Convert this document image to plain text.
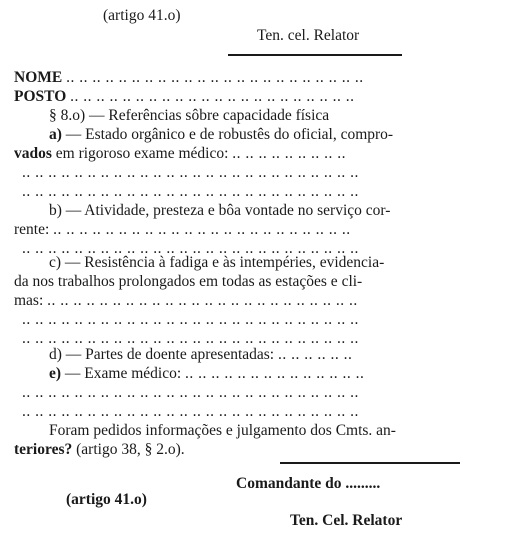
(artigo 41.o)
Ten. cel. Relator
NOME .. .. .. .. .. .. .. .. .. .. .. .. .. .. .. .. .. .. .. .. .. .. ..
POSTO .. .. .. .. .. .. .. .. .. .. .. .. .. .. .. .. .. .. .. .. .. ..
§ 8.o) — Referências sôbre capacidade física
a) — Estado orgânico e de robustês do oficial, compro-
vados em rigoroso exame médico: .. .. .. .. .. .. .. .. ..
.. .. .. .. .. .. .. .. .. .. .. .. .. .. .. .. .. .. .. .. .. .. .. .. .. ..
.. .. .. .. .. .. .. .. .. .. .. .. .. .. .. .. .. .. .. .. .. .. .. .. .. ..
b) — Atividade, presteza e bôa vontade no serviço cor-
rente: .. .. .. .. .. .. .. .. .. .. .. .. .. .. .. .. .. .. .. .. .. .. ..
.. .. .. .. .. .. .. .. .. .. .. .. .. .. .. .. .. .. .. .. .. .. .. .. .. ..
c) — Resistência à fadiga e às intempéries, evidencia-
da nos trabalhos prolongados em todas as estações e cli-
mas: .. .. .. .. .. .. .. .. .. .. .. .. .. .. .. .. .. .. .. .. .. .. .. ..
.. .. .. .. .. .. .. .. .. .. .. .. .. .. .. .. .. .. .. .. .. .. .. .. .. ..
.. .. .. .. .. .. .. .. .. .. .. .. .. .. .. .. .. .. .. .. .. .. .. .. .. ..
d) — Partes de doente apresentadas: .. .. .. .. .. ..
e) — Exame médico: .. .. .. .. .. .. .. .. .. .. .. .. .. ..
.. .. .. .. .. .. .. .. .. .. .. .. .. .. .. .. .. .. .. .. .. .. .. .. .. ..
.. .. .. .. .. .. .. .. .. .. .. .. .. .. .. .. .. .. .. .. .. .. .. .. .. ..
Foram pedidos informações e julgamento dos Cmts. an-
teriores? (artigo 38, § 2.o).
Comandante do .........
(artigo 41.o)
Ten. Cel. Relator
